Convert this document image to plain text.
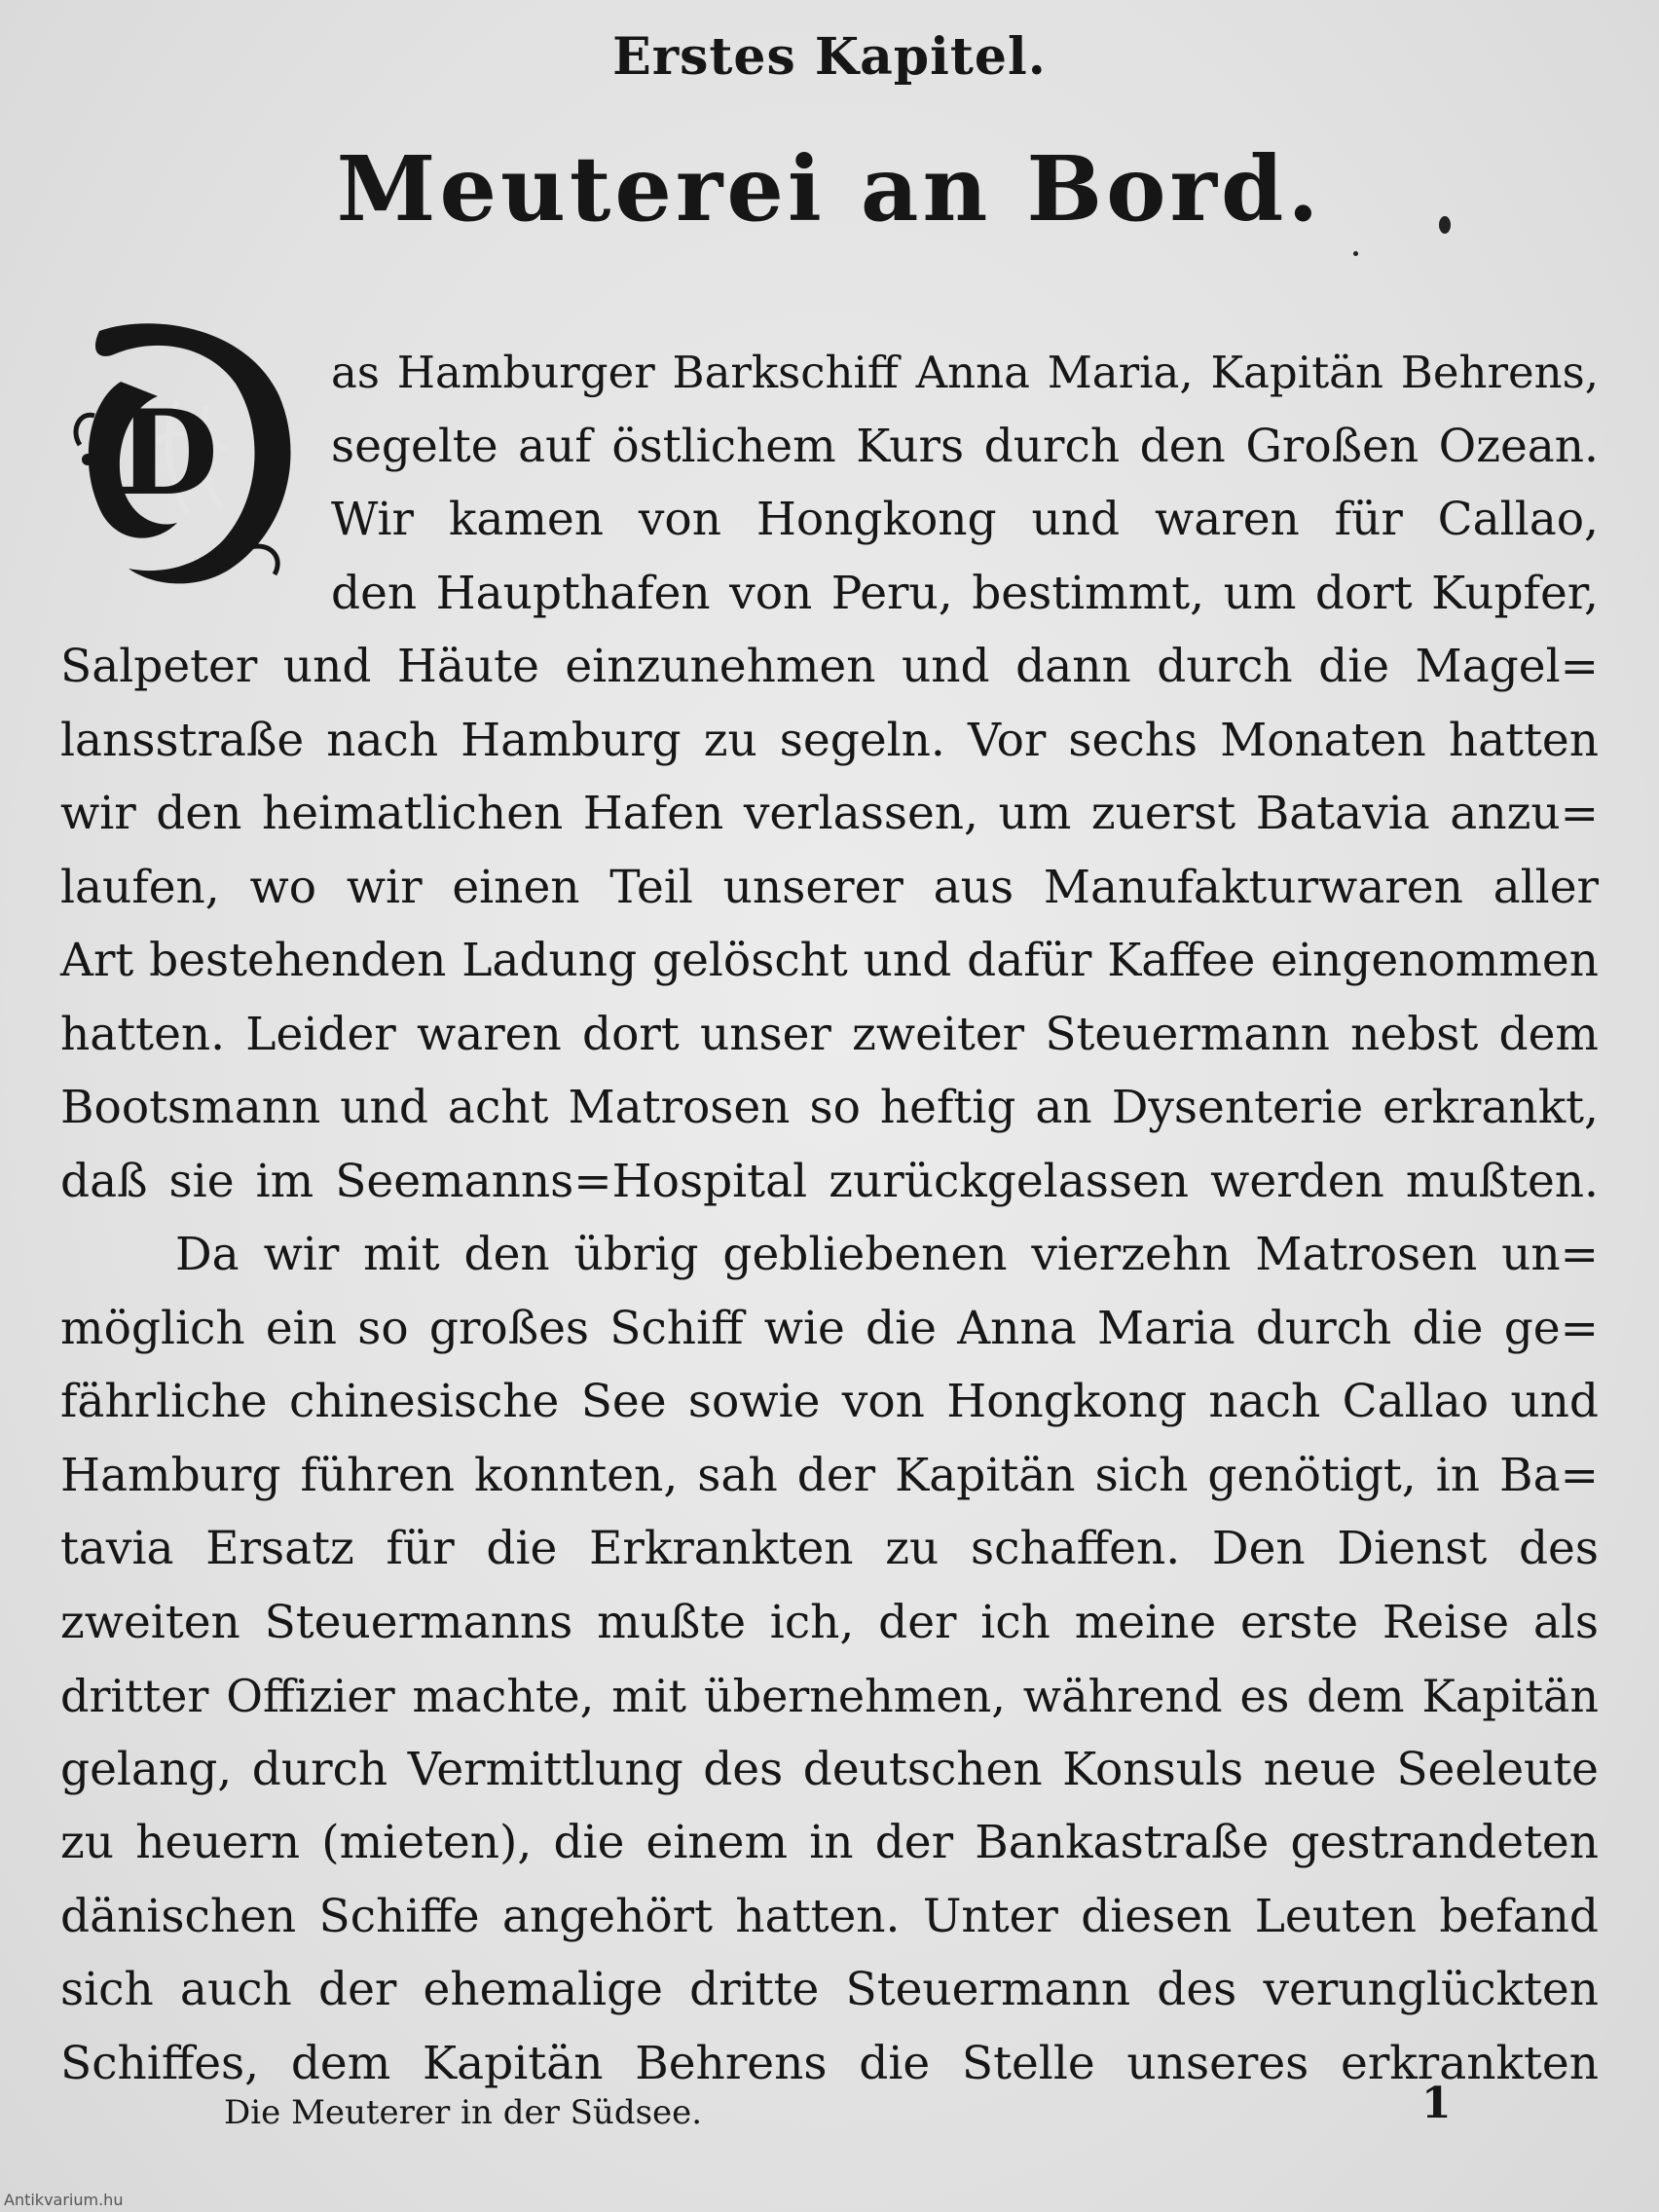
Erstes Kapitel.
Meuterei an Bord.
D
as Hamburger Barkschiff Anna Maria, Kapitän Behrens,
segelte auf östlichem Kurs durch den Großen Ozean.
Wir kamen von Hongkong und waren für Callao,
den Haupthafen von Peru, bestimmt, um dort Kupfer,
Salpeter und Häute einzunehmen und dann durch die Magel=
lansstraße nach Hamburg zu segeln. Vor sechs Monaten hatten
wir den heimatlichen Hafen verlassen, um zuerst Batavia anzu=
laufen, wo wir einen Teil unserer aus Manufakturwaren aller
Art bestehenden Ladung gelöscht und dafür Kaffee eingenommen
hatten. Leider waren dort unser zweiter Steuermann nebst dem
Bootsmann und acht Matrosen so heftig an Dysenterie erkrankt,
daß sie im Seemanns=Hospital zurückgelassen werden mußten.
Da wir mit den übrig gebliebenen vierzehn Matrosen un=
möglich ein so großes Schiff wie die Anna Maria durch die ge=
fährliche chinesische See sowie von Hongkong nach Callao und
Hamburg führen konnten, sah der Kapitän sich genötigt, in Ba=
tavia Ersatz für die Erkrankten zu schaffen. Den Dienst des
zweiten Steuermanns mußte ich, der ich meine erste Reise als
dritter Offizier machte, mit übernehmen, während es dem Kapitän
gelang, durch Vermittlung des deutschen Konsuls neue Seeleute
zu heuern (mieten), die einem in der Bankastraße gestrandeten
dänischen Schiffe angehört hatten. Unter diesen Leuten befand
sich auch der ehemalige dritte Steuermann des verunglückten
Schiffes, dem Kapitän Behrens die Stelle unseres erkrankten
Die Meuterer in der Südsee.	1
Antikvarium.hu
